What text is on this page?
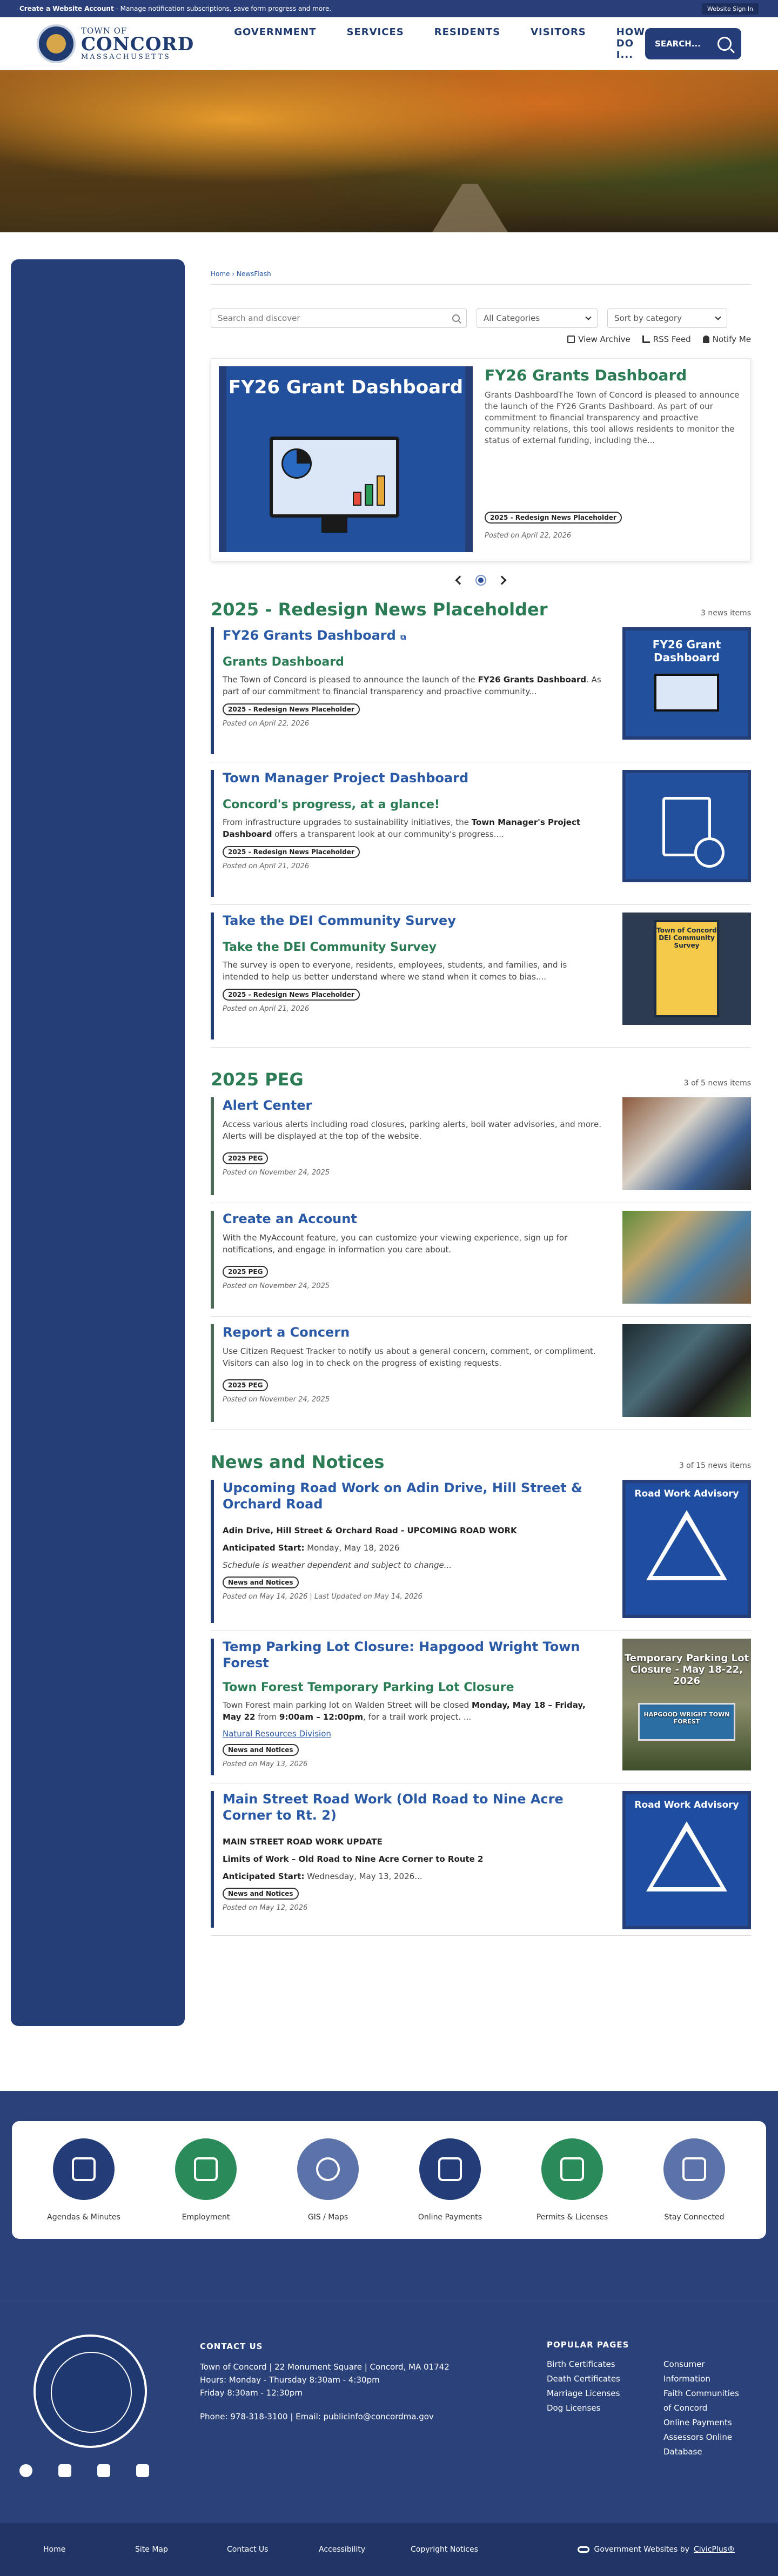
Create a Website Account - Manage notification subscriptions, save form progress and more.	Website Sign In
TOWN OF
CONCORD
MASSACHUSETTS
GOVERNMENT	SERVICES	RESIDENTS	VISITORS	HOW DO I...
SEARCH...
Home › NewsFlash
Search and discover	All Categories	Sort by category
View Archive	RSS Feed	Notify Me
FY26 Grant Dashboard
FY26 Grants Dashboard
Grants DashboardThe Town of Concord is pleased to announce the launch of the FY26 Grants Dashboard. As part of our commitment to financial transparency and proactive community relations, this tool allows residents to monitor the status of external funding, including the...
2025 - Redesign News Placeholder
Posted on April 22, 2026
2025 - Redesign News Placeholder	3 news items
FY26 Grants Dashboard ⧉
Grants Dashboard
The Town of Concord is pleased to announce the launch of the FY26 Grants Dashboard. As part of our commitment to financial transparency and proactive community...
2025 - Redesign News Placeholder
Posted on April 22, 2026
FY26 Grant Dashboard
Town Manager Project Dashboard
Concord's progress, at a glance!
From infrastructure upgrades to sustainability initiatives, the Town Manager's Project Dashboard offers a transparent look at our community's progress....
2025 - Redesign News Placeholder
Posted on April 21, 2026
Take the DEI Community Survey
Take the DEI Community Survey
The survey is open to everyone, residents, employees, students, and families, and is intended to help us better understand where we stand when it comes to bias....
2025 - Redesign News Placeholder
Posted on April 21, 2026
Town of Concord DEI Community Survey
2025 PEG	3 of 5 news items
Alert Center
Access various alerts including road closures, parking alerts, boil water advisories, and more. Alerts will be displayed at the top of the website.
2025 PEG
Posted on November 24, 2025
Create an Account
With the MyAccount feature, you can customize your viewing experience, sign up for notifications, and engage in information you care about.
2025 PEG
Posted on November 24, 2025
Report a Concern
Use Citizen Request Tracker to notify us about a general concern, comment, or compliment. Visitors can also log in to check on the progress of existing requests.
2025 PEG
Posted on November 24, 2025
News and Notices	3 of 15 news items
Upcoming Road Work on Adin Drive, Hill Street & Orchard Road
Adin Drive, Hill Street & Orchard Road - UPCOMING ROAD WORK
Anticipated Start: Monday, May 18, 2026
Schedule is weather dependent and subject to change...
News and Notices
Posted on May 14, 2026 | Last Updated on May 14, 2026
Road Work Advisory
Temp Parking Lot Closure: Hapgood Wright Town Forest
Town Forest Temporary Parking Lot Closure
Town Forest main parking lot on Walden Street will be closed Monday, May 18 – Friday, May 22 from 9:00am – 12:00pm, for a trail work project. ...
Natural Resources Division
News and Notices
Posted on May 13, 2026
Temporary Parking Lot Closure - May 18-22, 2026
HAPGOOD WRIGHT TOWN FOREST
Main Street Road Work (Old Road to Nine Acre Corner to Rt. 2)
MAIN STREET ROAD WORK UPDATE
Limits of Work – Old Road to Nine Acre Corner to Route 2
Anticipated Start: Wednesday, May 13, 2026...
News and Notices
Posted on May 12, 2026
Road Work Advisory
Agendas & Minutes	Employment	GIS / Maps	Online Payments	Permits & Licenses	Stay Connected
CONTACT US
Town of Concord | 22 Monument Square | Concord, MA 01742
Hours: Monday - Thursday 8:30am - 4:30pm
Friday 8:30am - 12:30pm
Phone: 978-318-3100 | Email: publicinfo@concordma.gov
POPULAR PAGES
Birth Certificates
Death Certificates
Marriage Licenses
Dog Licenses
Consumer Information
Faith Communities of Concord
Online Payments
Assessors Online Database
Home	Site Map	Contact Us	Accessibility	Copyright Notices	Government Websites by CivicPlus®
